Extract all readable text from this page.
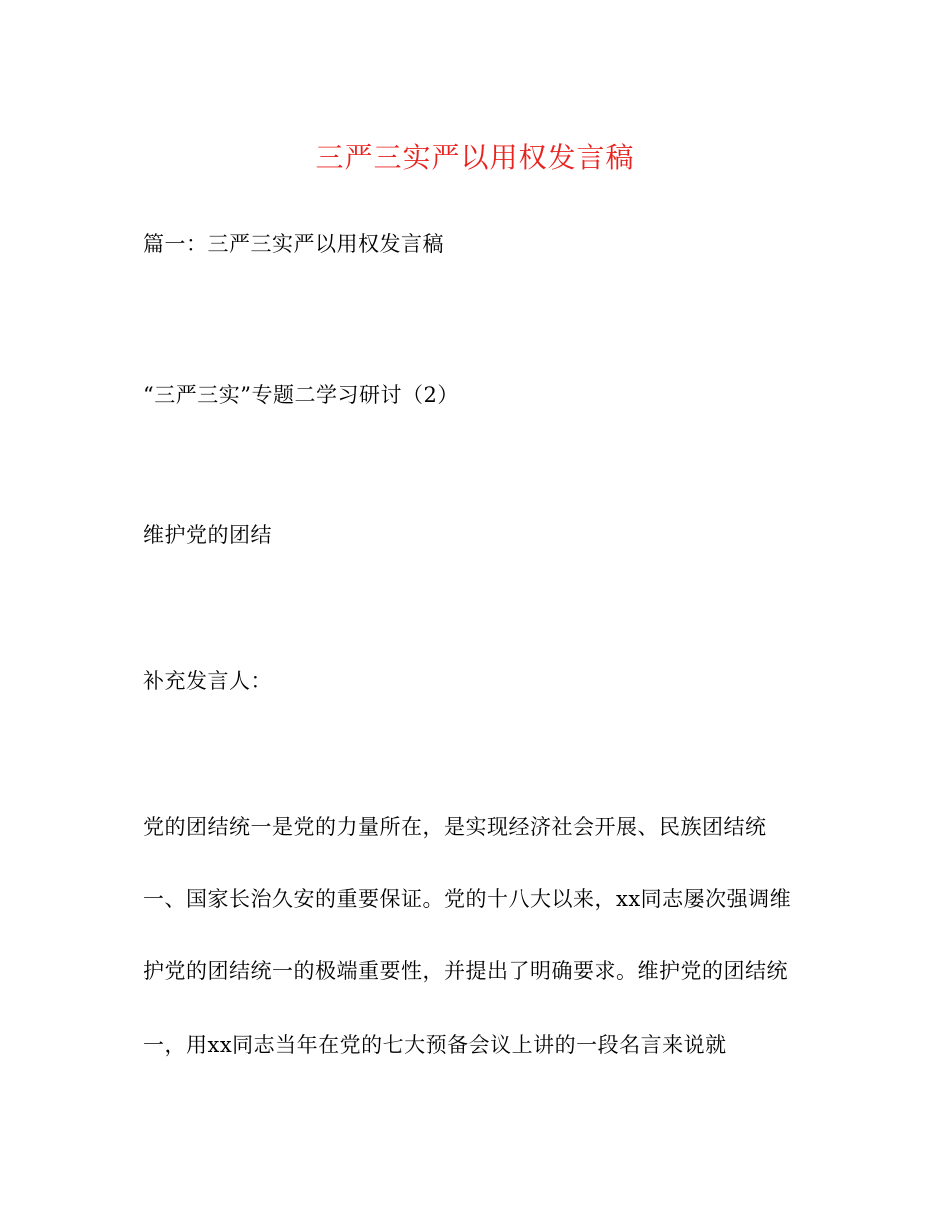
三严三实严以用权发言稿
篇一：三严三实严以用权发言稿
“三严三实”专题二学习研讨（2）
维护党的团结
补充发言人：
党的团结统一是党的力量所在，是实现经济社会开展、民族团结统
一、国家长治久安的重要保证。党的十八大以来，xx同志屡次强调维
护党的团结统一的极端重要性，并提出了明确要求。维护党的团结统
一，用xx同志当年在党的七大预备会议上讲的一段名言来说就
